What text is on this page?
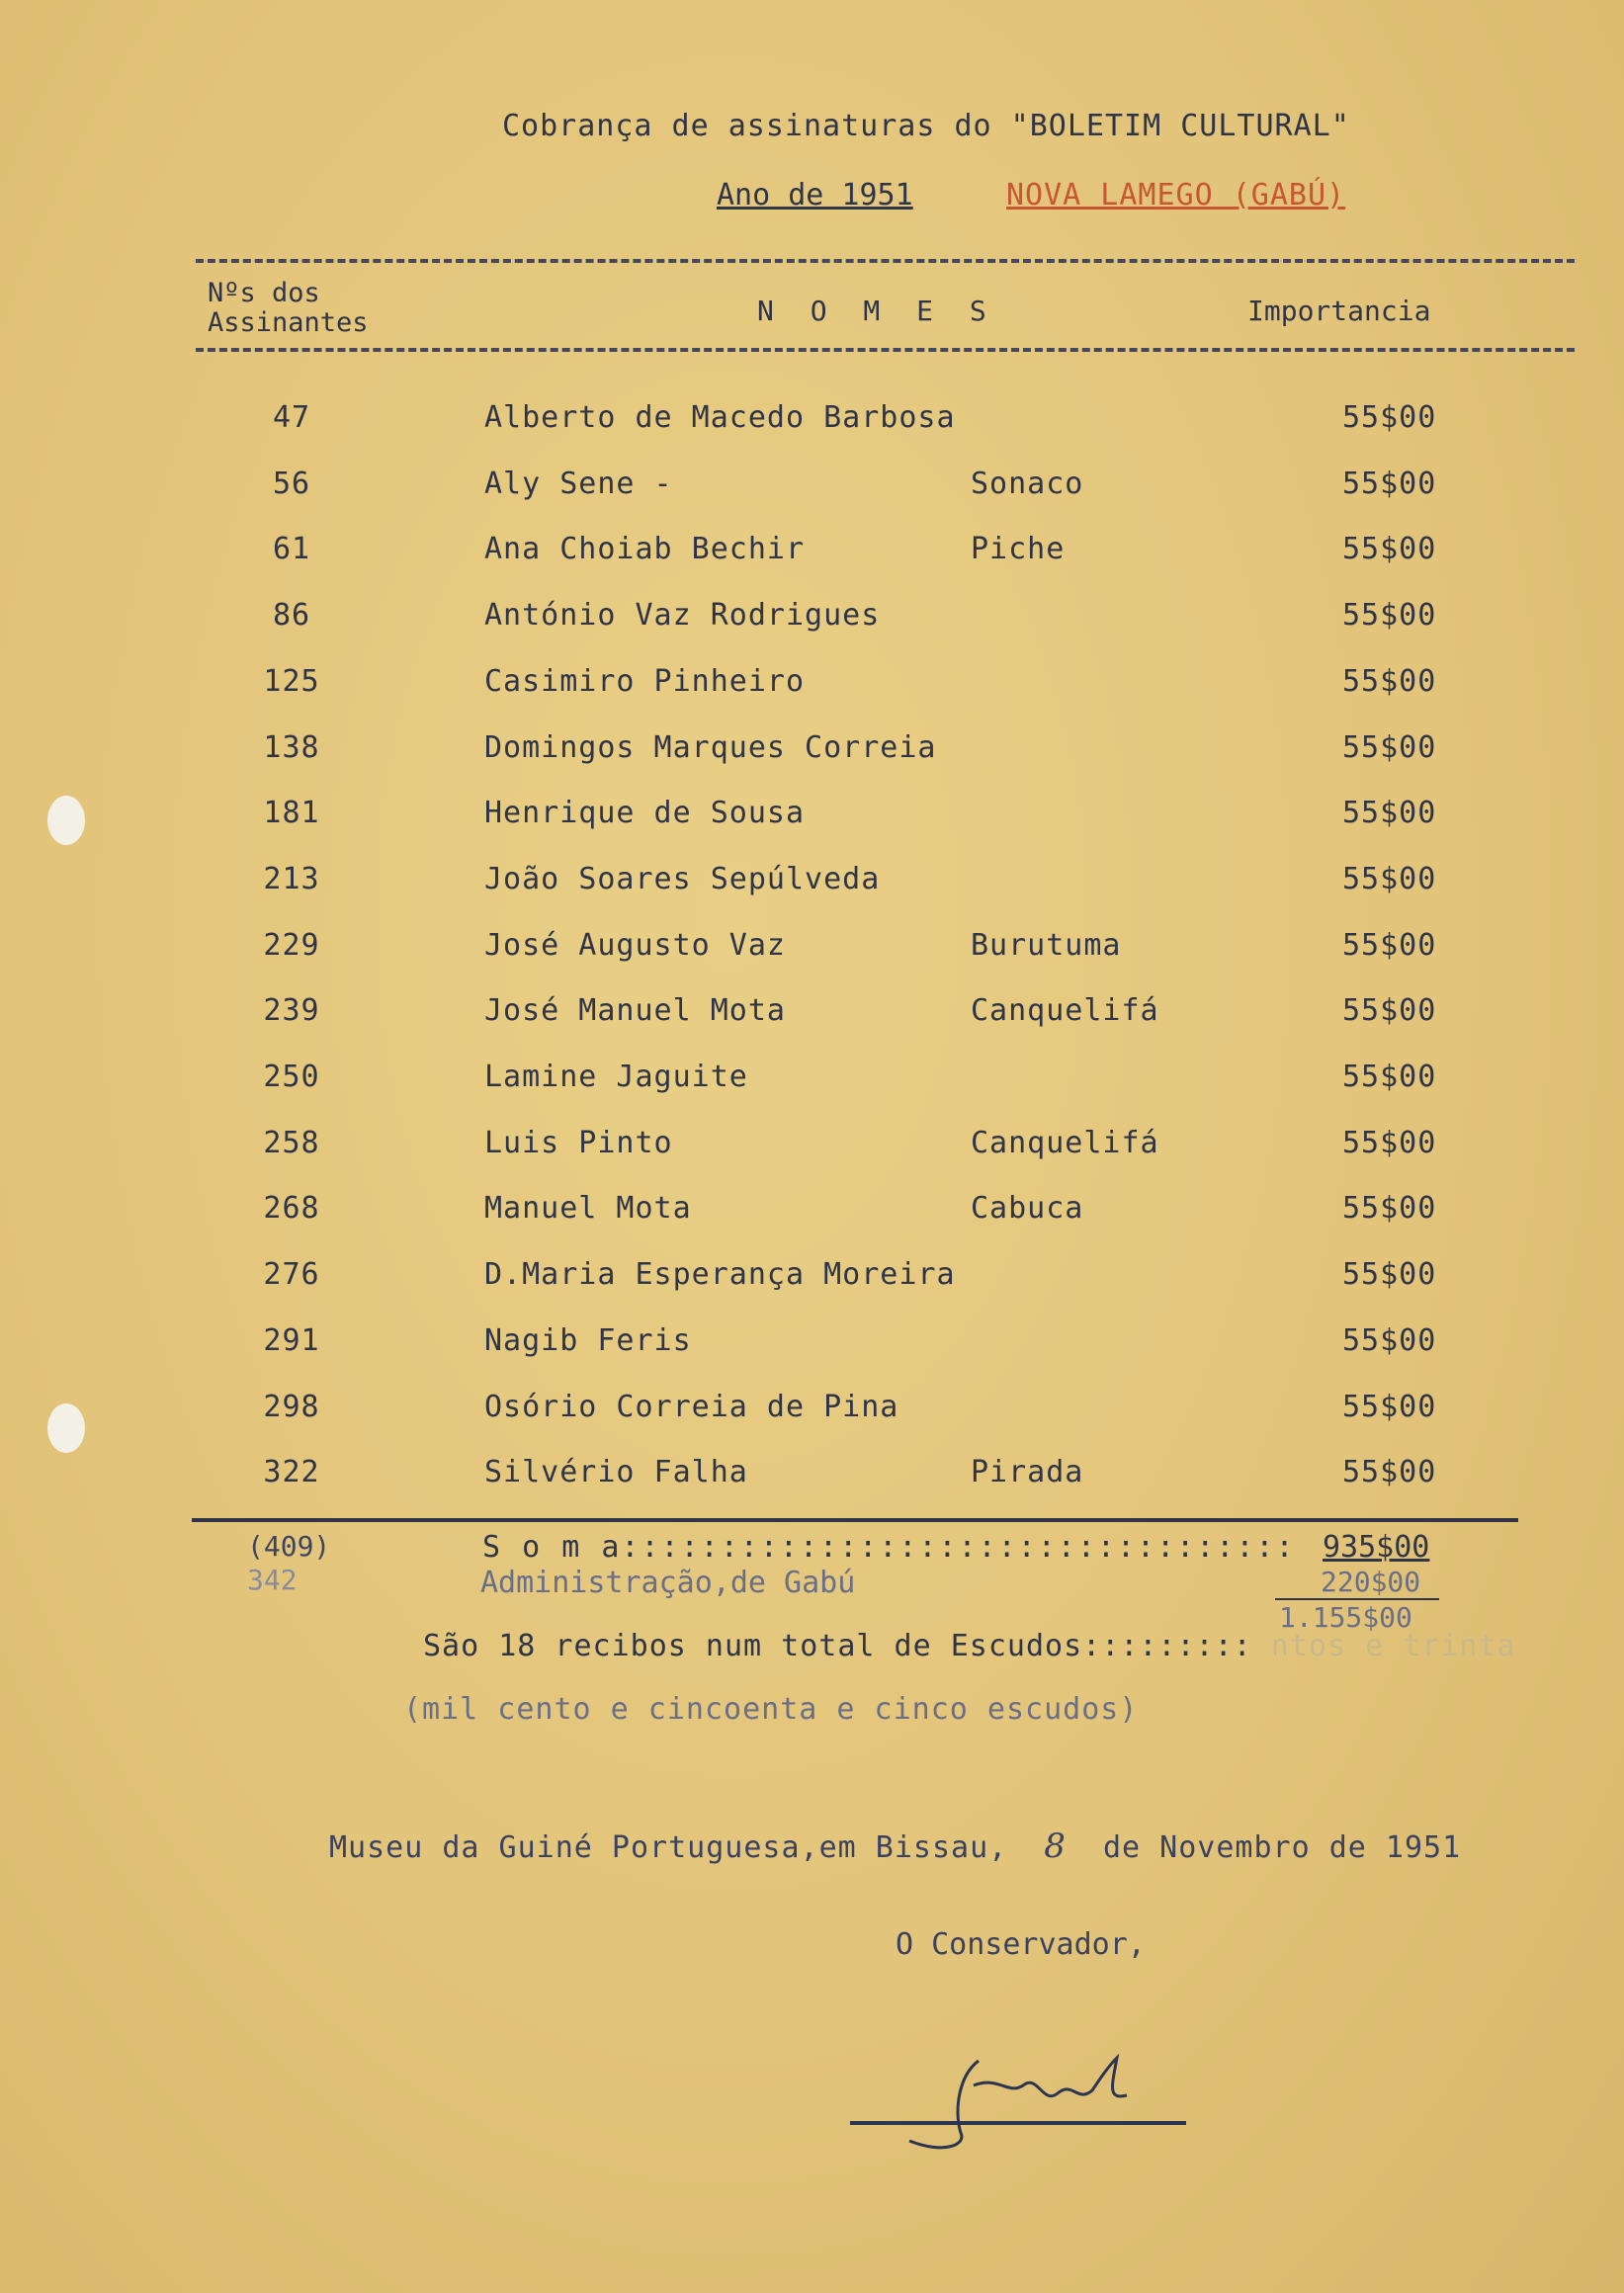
Cobrança de assinaturas do "BOLETIM CULTURAL"
Ano de 1951	NOVA LAMEGO (GABÚ)
Nºs dos Assinantes	N O M E S	Importancia
47	Alberto de Macedo Barbosa	55$00
56	Aly Sene -	Sonaco	55$00
61	Ana Choiab Bechir	Piche	55$00
86	António Vaz Rodrigues	55$00
125	Casimiro Pinheiro	55$00
138	Domingos Marques Correia	55$00
181	Henrique de Sousa	55$00
213	João Soares Sepúlveda	55$00
229	José Augusto Vaz	Burutuma	55$00
239	José Manuel Mota	Canquelifá	55$00
250	Lamine Jaguite	55$00
258	Luis Pinto	Canquelifá	55$00
268	Manuel Mota	Cabuca	55$00
276	D.Maria Esperança Moreira	55$00
291	Nagib Feris	55$00
298	Osório Correia de Pina	55$00
322	Silvério Falha	Pirada	55$00
(409)
342
S o m a:::::::::::::::::::::::::::::::::: 935$00
Administração,de Gabú	220$00
1.155$00
São 18 recibos num total de Escudos::::::::: ntos e trinta
(mil cento e cincoenta e cinco escudos)
Museu da Guiné Portuguesa,em Bissau, 8 de Novembro de 1951
O Conservador,
